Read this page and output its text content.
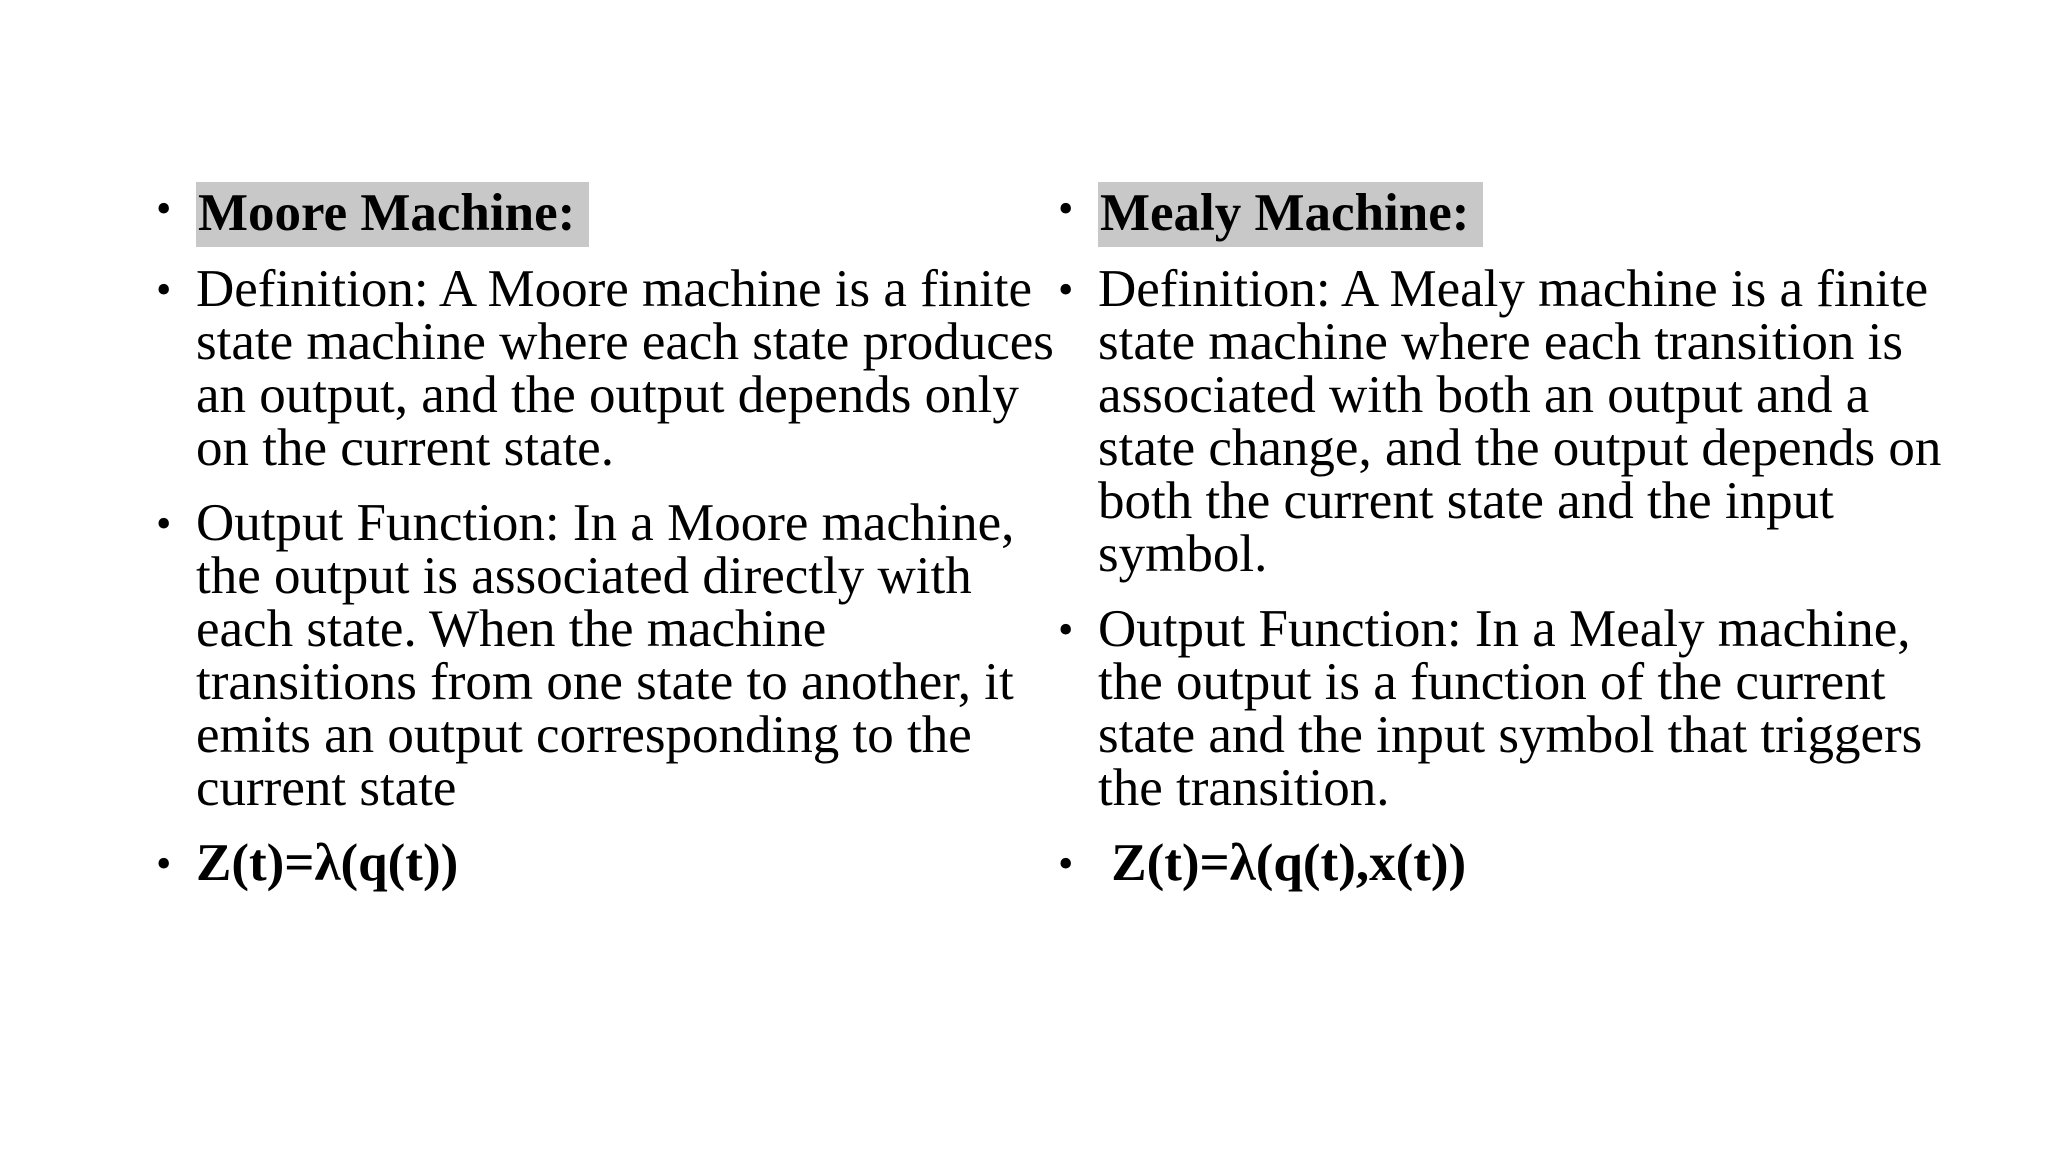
• Moore Machine:
• Definition: A Moore machine is a finite state machine where each state produces an output, and the output depends only on the current state.
• Output Function: In a Moore machine, the output is associated directly with each state. When the machine transitions from one state to another, it emits an output corresponding to the current state
• Z(t)=λ(q(t))
• Mealy Machine:
• Definition: A Mealy machine is a finite state machine where each transition is associated with both an output and a state change, and the output depends on both the current state and the input symbol.
• Output Function: In a Mealy machine, the output is a function of the current state and the input symbol that triggers the transition.
• Z(t)=λ(q(t),x(t))
